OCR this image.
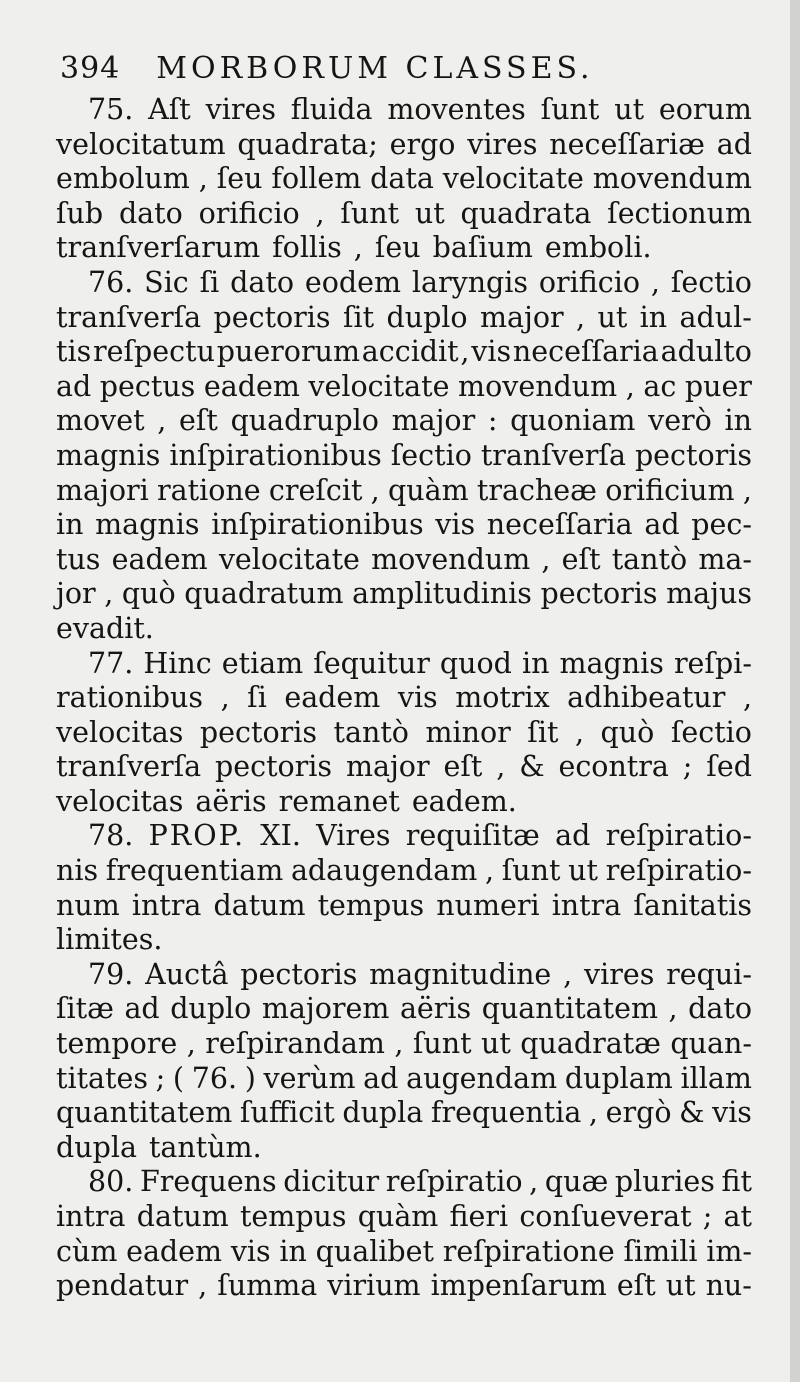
394 MORBORUM CLASSES.
75. Aſt vires fluida moventes ſunt ut eorum
velocitatum quadrata; ergo vires neceſſariæ ad
embolum , ſeu follem data velocitate movendum
ſub dato orificio , ſunt ut quadrata ſectionum
tranſverſarum follis , ſeu baſium emboli.
76. Sic ſi dato eodem laryngis orificio , ſectio
tranſverſa pectoris ſit duplo major , ut in adul-
tis reſpectu puerorum accidit , vis neceſſaria adulto
ad pectus eadem velocitate movendum , ac puer
movet , eſt quadruplo major : quoniam verò in
magnis inſpirationibus ſectio tranſverſa pectoris
majori ratione creſcit , quàm tracheæ orificium ,
in magnis inſpirationibus vis neceſſaria ad pec-
tus eadem velocitate movendum , eſt tantò ma-
jor , quò quadratum amplitudinis pectoris majus
evadit.
77. Hinc etiam ſequitur quod in magnis reſpi-
rationibus , ſi eadem vis motrix adhibeatur ,
velocitas pectoris tantò minor ſit , quò ſectio
tranſverſa pectoris major eſt , & econtra ; ſed
velocitas aëris remanet eadem.
78. PROP. XI. Vires requiſitæ ad reſpiratio-
nis frequentiam adaugendam , ſunt ut reſpiratio-
num intra datum tempus numeri intra ſanitatis
limites.
79. Auctâ pectoris magnitudine , vires requi-
ſitæ ad duplo majorem aëris quantitatem , dato
tempore , reſpirandam , ſunt ut quadratæ quan-
titates ; ( 76. ) verùm ad augendam duplam illam
quantitatem ſufficit dupla frequentia , ergò & vis
dupla tantùm.
80. Frequens dicitur reſpiratio , quæ pluries fit
intra datum tempus quàm fieri conſueverat ; at
cùm eadem vis in qualibet reſpiratione ſimili im-
pendatur , ſumma virium impenſarum eſt ut nu-
